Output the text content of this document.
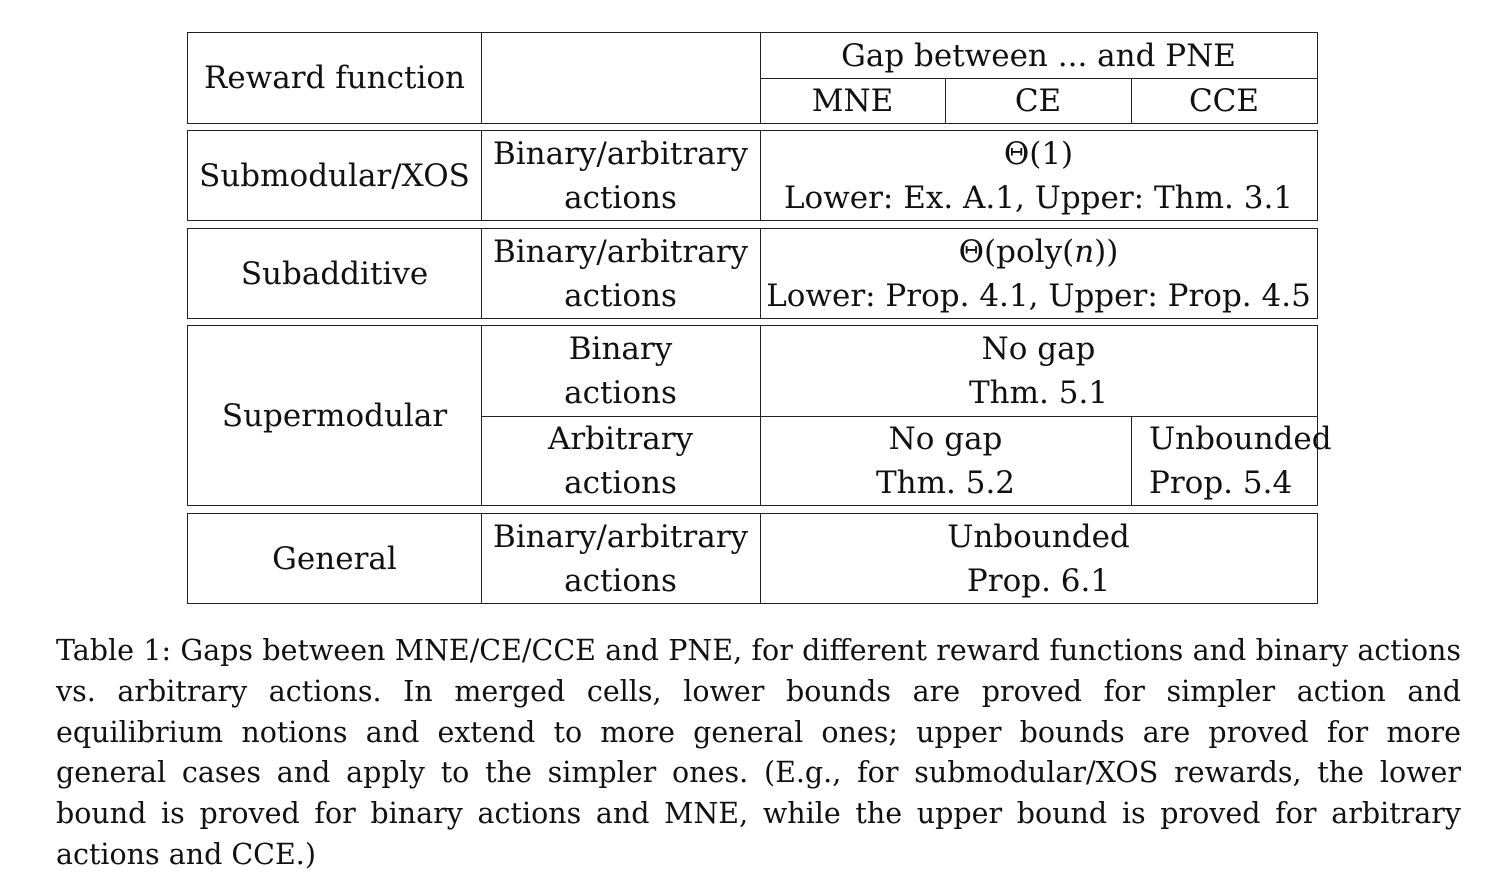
Reward function
Gap between ... and PNE
MNE	CE	CCE
Submodular/XOS
Binary/arbitrary
actions
Θ(1)
Lower: Ex. A.1, Upper: Thm. 3.1
Subadditive
Binary/arbitrary
actions
Θ(poly(n))
Lower: Prop. 4.1, Upper: Prop. 4.5
Supermodular
Binary
actions
No gap
Thm. 5.1
Arbitrary
actions
No gap
Thm. 5.2
Unbounded
Prop. 5.4
General
Binary/arbitrary
actions
Unbounded
Prop. 6.1
Table 1: Gaps between MNE/CE/CCE and PNE, for different reward functions and binary actions vs. arbitrary actions. In merged cells, lower bounds are proved for simpler action and equilibrium notions and extend to more general ones; upper bounds are proved for more general cases and apply to the simpler ones. (E.g., for submodular/XOS rewards, the lower bound is proved for binary actions and MNE, while the upper bound is proved for arbitrary actions and CCE.)
